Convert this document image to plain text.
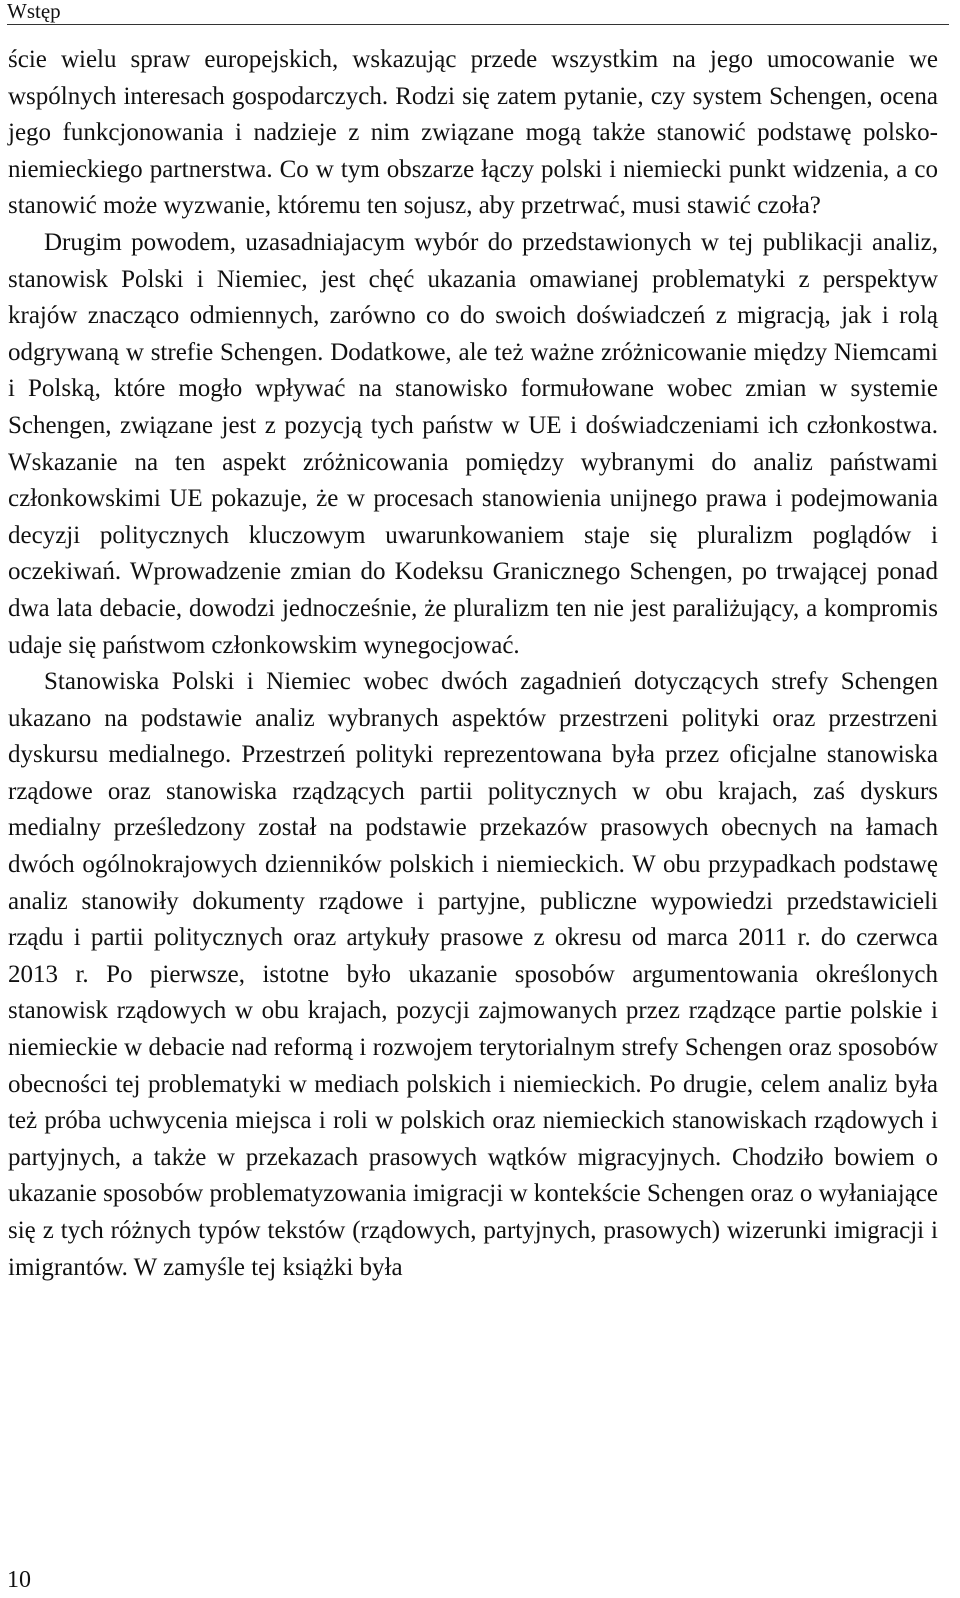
Wstęp

ście wielu spraw europejskich, wskazując przede wszystkim na jego umocowanie we wspólnych interesach gospodarczych. Rodzi się zatem pytanie, czy system Schengen, ocena jego funkcjonowania i nadzieje z nim związane mogą także stanowić podstawę polsko-niemieckiego partnerstwa. Co w tym obszarze łączy polski i niemiecki punkt widzenia, a co stanowić może wyzwanie, któremu ten sojusz, aby przetrwać, musi stawić czoła?

Drugim powodem, uzasadniajacym wybór do przedstawionych w tej publikacji analiz, stanowisk Polski i Niemiec, jest chęć ukazania omawianej problematyki z perspektyw krajów znacząco odmiennych, zarówno co do swoich doświadczeń z migracją, jak i rolą odgrywaną w strefie Schengen. Dodatkowe, ale też ważne zróżnicowanie między Niemcami i Polską, które mogło wpływać na stanowisko formułowane wobec zmian w systemie Schengen, związane jest z pozycją tych państw w UE i doświadczeniami ich członkostwa. Wskazanie na ten aspekt zróżnicowania pomiędzy wybranymi do analiz państwami członkowskimi UE pokazuje, że w procesach stanowienia unijnego prawa i podejmowania decyzji politycznych kluczowym uwarunkowaniem staje się pluralizm poglądów i oczekiwań. Wprowadzenie zmian do Kodeksu Granicznego Schengen, po trwającej ponad dwa lata debacie, dowodzi jednocześnie, że pluralizm ten nie jest paraliżujący, a kompromis udaje się państwom członkowskim wynegocjować.

Stanowiska Polski i Niemiec wobec dwóch zagadnień dotyczących strefy Schengen ukazano na podstawie analiz wybranych aspektów przestrzeni polityki oraz przestrzeni dyskursu medialnego. Przestrzeń polityki reprezentowana była przez oficjalne stanowiska rządowe oraz stanowiska rządzących partii politycznych w obu krajach, zaś dyskurs medialny prześledzony został na podstawie przekazów prasowych obecnych na łamach dwóch ogólnokrajowych dzienników polskich i niemieckich. W obu przypadkach podstawę analiz stanowiły dokumenty rządowe i partyjne, publiczne wypowiedzi przedstawicieli rządu i partii politycznych oraz artykuły prasowe z okresu od marca 2011 r. do czerwca 2013 r. Po pierwsze, istotne było ukazanie sposobów argumentowania określonych stanowisk rządowych w obu krajach, pozycji zajmowanych przez rządzące partie polskie i niemieckie w debacie nad reformą i rozwojem terytorialnym strefy Schengen oraz sposobów obecności tej problematyki w mediach polskich i niemieckich. Po drugie, celem analiz była też próba uchwycenia miejsca i roli w polskich oraz niemieckich stanowiskach rządowych i partyjnych, a także w przekazach prasowych wątków migracyjnych. Chodziło bowiem o ukazanie sposobów problematyzowania imigracji w kontekście Schengen oraz o wyłaniające się z tych różnych typów tekstów (rządowych, partyjnych, prasowych) wizerunki imigracji i imigrantów. W zamyśle tej książki była

10
